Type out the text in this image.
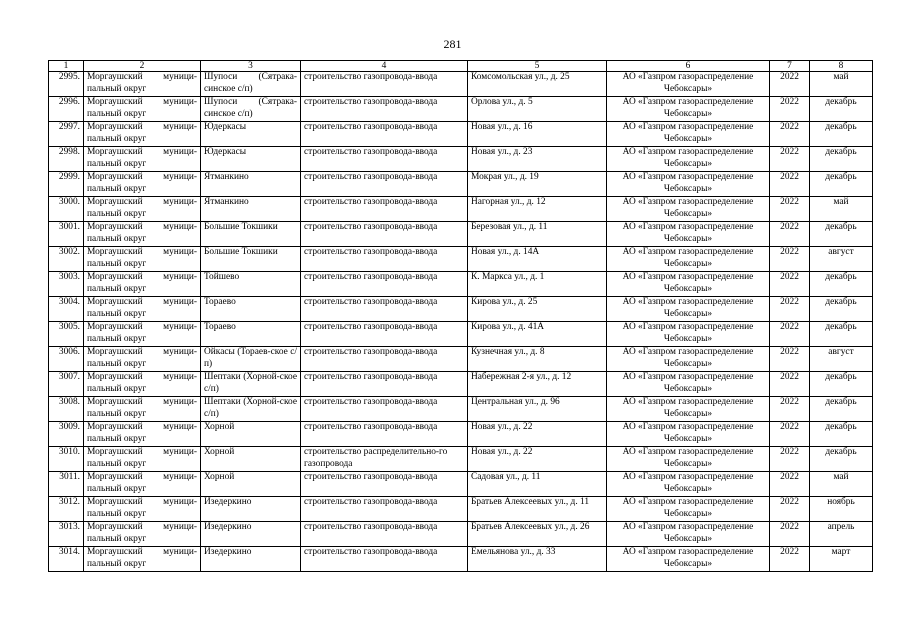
281
1	2	3	4	5	6	7	8
2995.	Моргаушский муници-пальный округ	Шупоси (Сятрака-синское с/п)	строительство газопровода-ввода	Комсомольская ул., д. 25	АО «Газпром газораспределение Чебоксары»	2022	май
2996.	Моргаушский муници-пальный округ	Шупоси (Сятрака-синское с/п)	строительство газопровода-ввода	Орлова ул., д. 5	АО «Газпром газораспределение Чебоксары»	2022	декабрь
2997.	Моргаушский муници-пальный округ	Юдеркасы	строительство газопровода-ввода	Новая ул., д. 16	АО «Газпром газораспределение Чебоксары»	2022	декабрь
2998.	Моргаушский муници-пальный округ	Юдеркасы	строительство газопровода-ввода	Новая ул., д. 23	АО «Газпром газораспределение Чебоксары»	2022	декабрь
2999.	Моргаушский муници-пальный округ	Ятманкино	строительство газопровода-ввода	Мокрая ул., д. 19	АО «Газпром газораспределение Чебоксары»	2022	декабрь
3000.	Моргаушский муници-пальный округ	Ятманкино	строительство газопровода-ввода	Нагорная ул., д. 12	АО «Газпром газораспределение Чебоксары»	2022	май
3001.	Моргаушский муници-пальный округ	Большие Токшики	строительство газопровода-ввода	Березовая ул., д. 11	АО «Газпром газораспределение Чебоксары»	2022	декабрь
3002.	Моргаушский муници-пальный округ	Большие Токшики	строительство газопровода-ввода	Новая ул., д. 14А	АО «Газпром газораспределение Чебоксары»	2022	август
3003.	Моргаушский муници-пальный округ	Тойшево	строительство газопровода-ввода	К. Маркса ул., д. 1	АО «Газпром газораспределение Чебоксары»	2022	декабрь
3004.	Моргаушский муници-пальный округ	Тораево	строительство газопровода-ввода	Кирова ул., д. 25	АО «Газпром газораспределение Чебоксары»	2022	декабрь
3005.	Моргаушский муници-пальный округ	Тораево	строительство газопровода-ввода	Кирова ул., д. 41А	АО «Газпром газораспределение Чебоксары»	2022	декабрь
3006.	Моргаушский муници-пальный округ	Ойкасы (Тораев-ское с/п)	строительство газопровода-ввода	Кузнечная ул., д. 8	АО «Газпром газораспределение Чебоксары»	2022	август
3007.	Моргаушский муници-пальный округ	Шептаки (Хорной-ское с/п)	строительство газопровода-ввода	Набережная 2-я ул., д. 12	АО «Газпром газораспределение Чебоксары»	2022	декабрь
3008.	Моргаушский муници-пальный округ	Шептаки (Хорной-ское с/п)	строительство газопровода-ввода	Центральная ул., д. 96	АО «Газпром газораспределение Чебоксары»	2022	декабрь
3009.	Моргаушский муници-пальный округ	Хорной	строительство газопровода-ввода	Новая ул., д. 22	АО «Газпром газораспределение Чебоксары»	2022	декабрь
3010.	Моргаушский муници-пальный округ	Хорной	строительство распределительно-го газопровода	Новая ул., д. 22	АО «Газпром газораспределение Чебоксары»	2022	декабрь
3011.	Моргаушский муници-пальный округ	Хорной	строительство газопровода-ввода	Садовая ул., д. 11	АО «Газпром газораспределение Чебоксары»	2022	май
3012.	Моргаушский муници-пальный округ	Изедеркино	строительство газопровода-ввода	Братьев Алексеевых ул., д. 11	АО «Газпром газораспределение Чебоксары»	2022	ноябрь
3013.	Моргаушский муници-пальный округ	Изедеркино	строительство газопровода-ввода	Братьев Алексеевых ул., д. 26	АО «Газпром газораспределение Чебоксары»	2022	апрель
3014.	Моргаушский муници-пальный округ	Изедеркино	строительство газопровода-ввода	Емельянова ул., д. 33	АО «Газпром газораспределение Чебоксары»	2022	март
